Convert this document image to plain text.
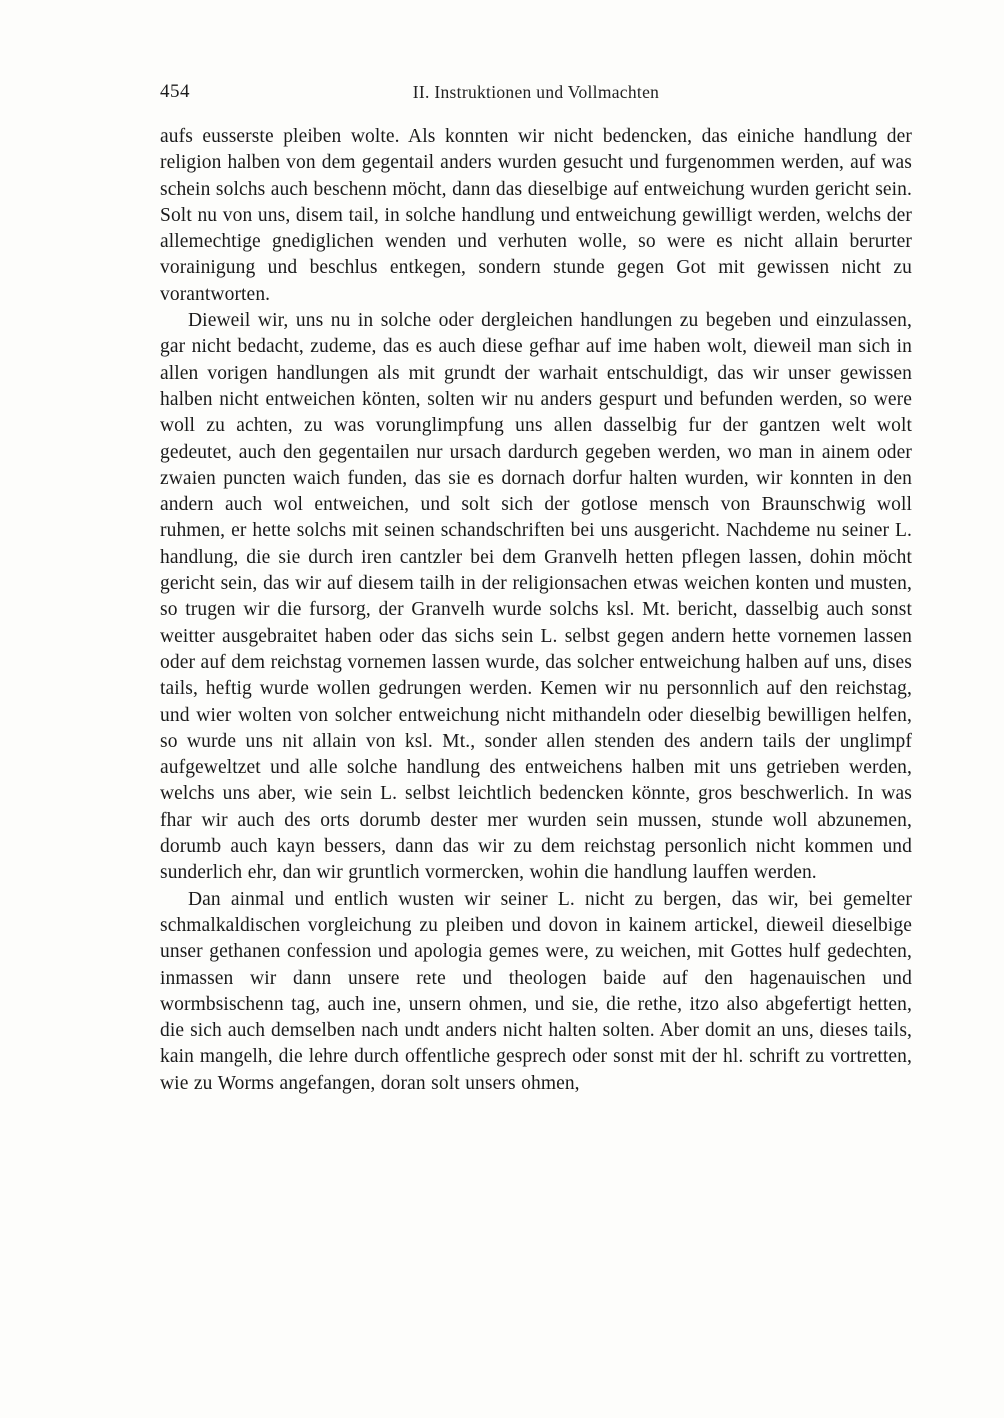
454	II. Instruktionen und Vollmachten

aufs eusserste pleiben wolte. Als konnten wir nicht bedencken, das einiche handlung der religion halben von dem gegentail anders wurden gesucht und furgenommen werden, auf was schein solchs auch beschenn möcht, dann das dieselbige auf entweichung wurden gericht sein. Solt nu von uns, disem tail, in solche handlung und entweichung gewilligt werden, welchs der allemechtige gnediglichen wenden und verhuten wolle, so were es nicht allain berurter vorainigung und beschlus entkegen, sondern stunde gegen Got mit gewissen nicht zu vorantworten.

Dieweil wir, uns nu in solche oder dergleichen handlungen zu begeben und einzulassen, gar nicht bedacht, zudeme, das es auch diese gefhar auf ime haben wolt, dieweil man sich in allen vorigen handlungen als mit grundt der warhait entschuldigt, das wir unser gewissen halben nicht entweichen könten, solten wir nu anders gespurt und befunden werden, so were woll zu achten, zu was vorunglimpfung uns allen dasselbig fur der gantzen welt wolt gedeutet, auch den gegentailen nur ursach dardurch gegeben werden, wo man in ainem oder zwaien puncten waich funden, das sie es dornach dorfur halten wurden, wir konnten in den andern auch wol entweichen, und solt sich der gotlose mensch von Braunschwig woll ruhmen, er hette solchs mit seinen schandschriften bei uns ausgericht. Nachdeme nu seiner L. handlung, die sie durch iren cantzler bei dem Granvelh hetten pflegen lassen, dohin möcht gericht sein, das wir auf diesem tailh in der religionsachen etwas weichen konten und musten, so trugen wir die fursorg, der Granvelh wurde solchs ksl. Mt. bericht, dasselbig auch sonst weitter ausgebraitet haben oder das sichs sein L. selbst gegen andern hette vornemen lassen oder auf dem reichstag vornemen lassen wurde, das solcher entweichung halben auf uns, dises tails, heftig wurde wollen gedrungen werden. Kemen wir nu personnlich auf den reichstag, und wier wolten von solcher entweichung nicht mithandeln oder dieselbig bewilligen helfen, so wurde uns nit allain von ksl. Mt., sonder allen stenden des andern tails der unglimpf aufgeweltzet und alle solche handlung des entweichens halben mit uns getrieben werden, welchs uns aber, wie sein L. selbst leichtlich bedencken könnte, gros beschwerlich. In was fhar wir auch des orts dorumb dester mer wurden sein mussen, stunde woll abzunemen, dorumb auch kayn bessers, dann das wir zu dem reichstag personlich nicht kommen und sunderlich ehr, dan wir gruntlich vormercken, wohin die handlung lauffen werden.

Dan ainmal und entlich wusten wir seiner L. nicht zu bergen, das wir, bei gemelter schmalkaldischen vorgleichung zu pleiben und dovon in kainem artickel, dieweil dieselbige unser gethanen confession und apologia gemes were, zu weichen, mit Gottes hulf gedechten, inmassen wir dann unsere rete und theologen baide auf den hagenauischen und wormbsischenn tag, auch ine, unsern ohmen, und sie, die rethe, itzo also abgefertigt hetten, die sich auch demselben nach undt anders nicht halten solten. Aber domit an uns, dieses tails, kain mangelh, die lehre durch offentliche gesprech oder sonst mit der hl. schrift zu vortretten, wie zu Worms angefangen, doran solt unsers ohmen,
